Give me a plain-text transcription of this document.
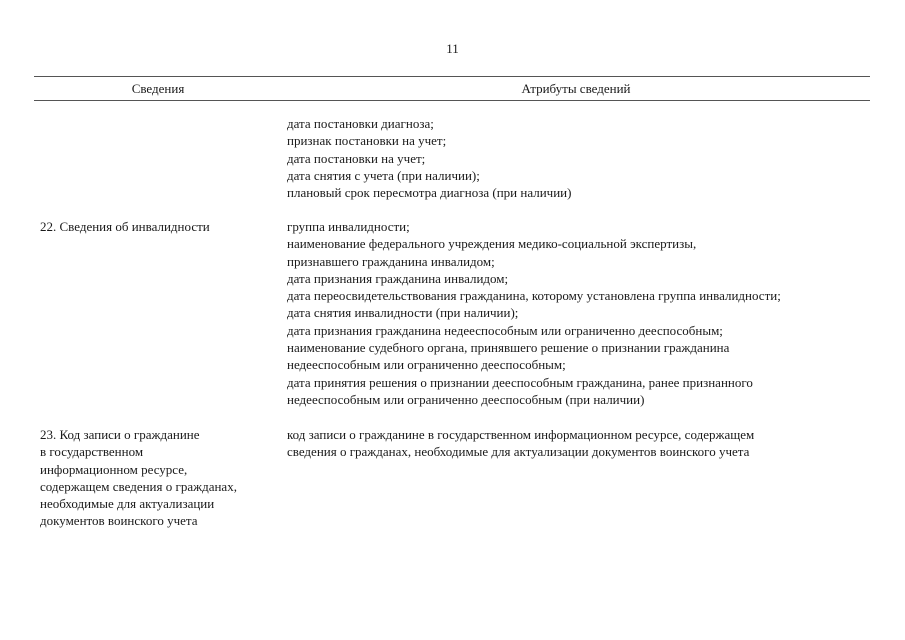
11
Сведения	Атрибуты сведений
дата постановки диагноза;
признак постановки на учет;
дата постановки на учет;
дата снятия с учета (при наличии);
плановый срок пересмотра диагноза (при наличии)
22. Сведения об инвалидности	группа инвалидности;
наименование федерального учреждения медико-социальной экспертизы,
признавшего гражданина инвалидом;
дата признания гражданина инвалидом;
дата переосвидетельствования гражданина, которому установлена группа инвалидности;
дата снятия инвалидности (при наличии);
дата признания гражданина недееспособным или ограниченно дееспособным;
наименование судебного органа, принявшего решение о признании гражданина
недееспособным или ограниченно дееспособным;
дата принятия решения о признании дееспособным гражданина, ранее признанного
недееспособным или ограниченно дееспособным (при наличии)
23. Код записи о гражданине
в государственном
информационном ресурсе,
содержащем сведения о гражданах,
необходимые для актуализации
документов воинского учета
код записи о гражданине в государственном информационном ресурсе, содержащем
сведения о гражданах, необходимые для актуализации документов воинского учета
